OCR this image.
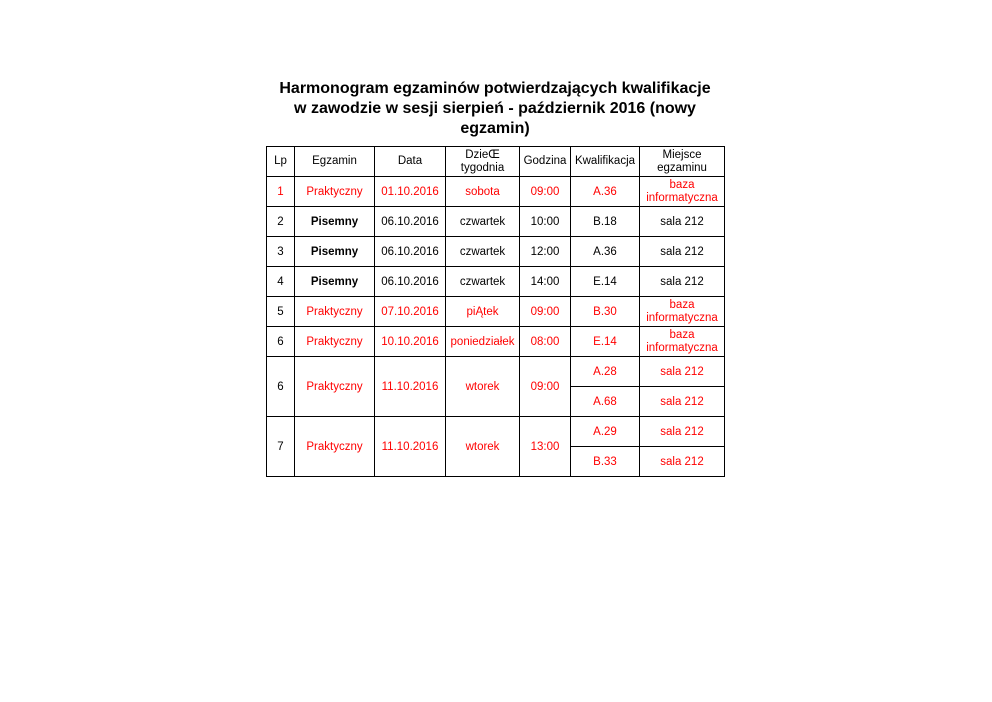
Harmonogram egzaminów potwierdzających kwalifikacje
w zawodzie w sesji sierpień - październik 2016 (nowy
egzamin)
Lp	Egzamin	Data	DzieŒ tygodnia	Godzina	Kwalifikacja	Miejsce egzaminu
1	Praktyczny	01.10.2016	sobota	09:00	A.36	baza informatyczna
2	Pisemny	06.10.2016	czwartek	10:00	B.18	sala 212
3	Pisemny	06.10.2016	czwartek	12:00	A.36	sala 212
4	Pisemny	06.10.2016	czwartek	14:00	E.14	sala 212
5	Praktyczny	07.10.2016	piĄtek	09:00	B.30	baza informatyczna
6	Praktyczny	10.10.2016	poniedziałek	08:00	E.14	baza informatyczna
6	Praktyczny	11.10.2016	wtorek	09:00	A.28	sala 212
					A.68	sala 212
7	Praktyczny	11.10.2016	wtorek	13:00	A.29	sala 212
					B.33	sala 212
